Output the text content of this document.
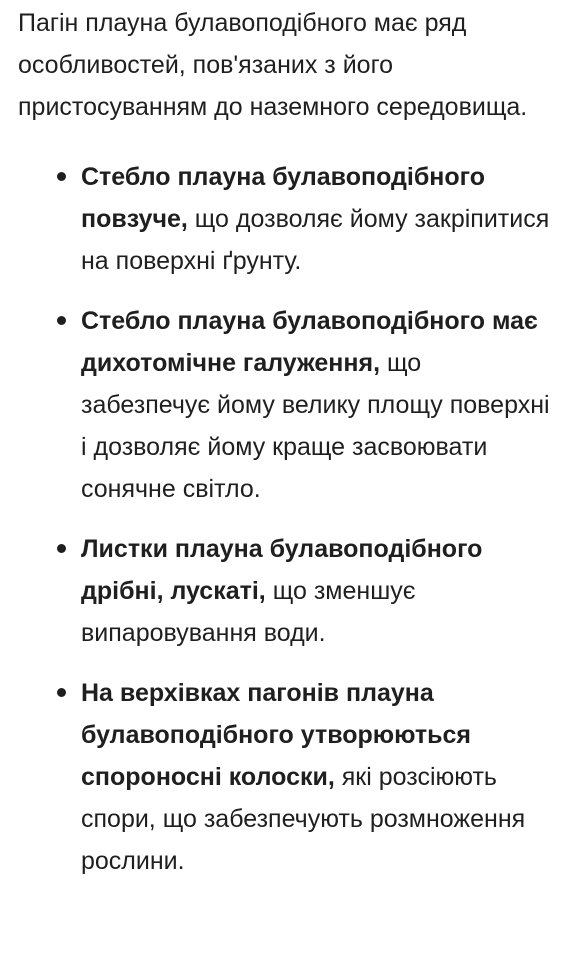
Пагін плауна булавоподібного має ряд особливостей, пов'язаних з його пристосуванням до наземного середовища.

Стебло плауна булавоподібного повзуче, що дозволяє йому закріпитися на поверхні ґрунту.
Стебло плауна булавоподібного має дихотомічне галуження, що забезпечує йому велику площу поверхні і дозволяє йому краще засвоювати сонячне світло.
Листки плауна булавоподібного дрібні, лускаті, що зменшує випаровування води.
На верхівках пагонів плауна булавоподібного утворюються спороносні колоски, які розсіюють спори, що забезпечують розмноження рослини.
